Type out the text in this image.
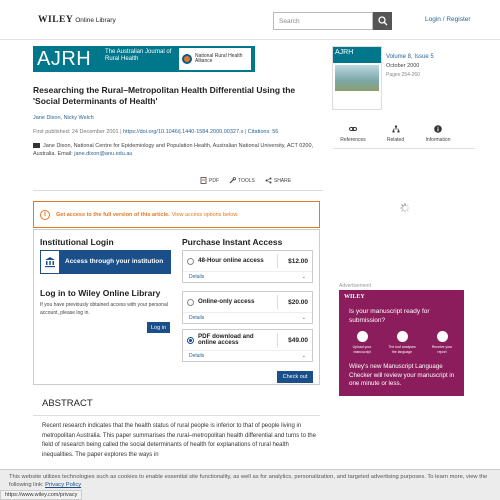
WILEY Online Library	Search	Login / Register
AJRH The Australian Journal of Rural Health	National Rural Health Alliance
Researching the Rural–Metropolitan Health Differential Using the 'Social Determinants of Health'
Jane Dixon, Nicky Welch
First published: 24 December 2001 | https://doi.org/10.1046/j.1440-1584.2000.00327.x | Citations: 56
Jane Dixon, National Centre for Epidemiology and Population Health, Australian National University, ACT 0200, Australia. Email: jane.dixon@anu.edu.au
PDF	TOOLS	SHARE
i	Get access to the full version of this article. View access options below.
Institutional Login
Access through your institution
Log in to Wiley Online Library
If you have previously obtained access with your personal account, please log in.
Log in
Purchase Instant Access
48-Hour online access	$12.00
Details	⌄
Online-only access	$20.00
Details	⌄
PDF download and online access	$49.00
Details	⌄
Check out
ABSTRACT
Recent research indicates that the health status of rural people is inferior to that of people living in metropolitan Australia. This paper summarises the rural–metropolitan health differential and turns to the field of research being called the social determinants of health for explanations of rural health inequalities. The paper explores the ways in
AJRH
Volume 8, Issue 5
October 2000
Pages 254-260
References	Related	Information
Advertisement
WILEY
Is your manuscript ready for submission?
Upload your manuscript
The tool analyses the language
Receive your report
Wiley's new Manuscript Language Checker will review your manuscript in one minute or less.
This website utilizes technologies such as cookies to enable essential site functionality, as well as for analytics, personalization, and targeted advertising purposes. To learn more, view the following link: Privacy Policy
https://www.wiley.com/privacy
